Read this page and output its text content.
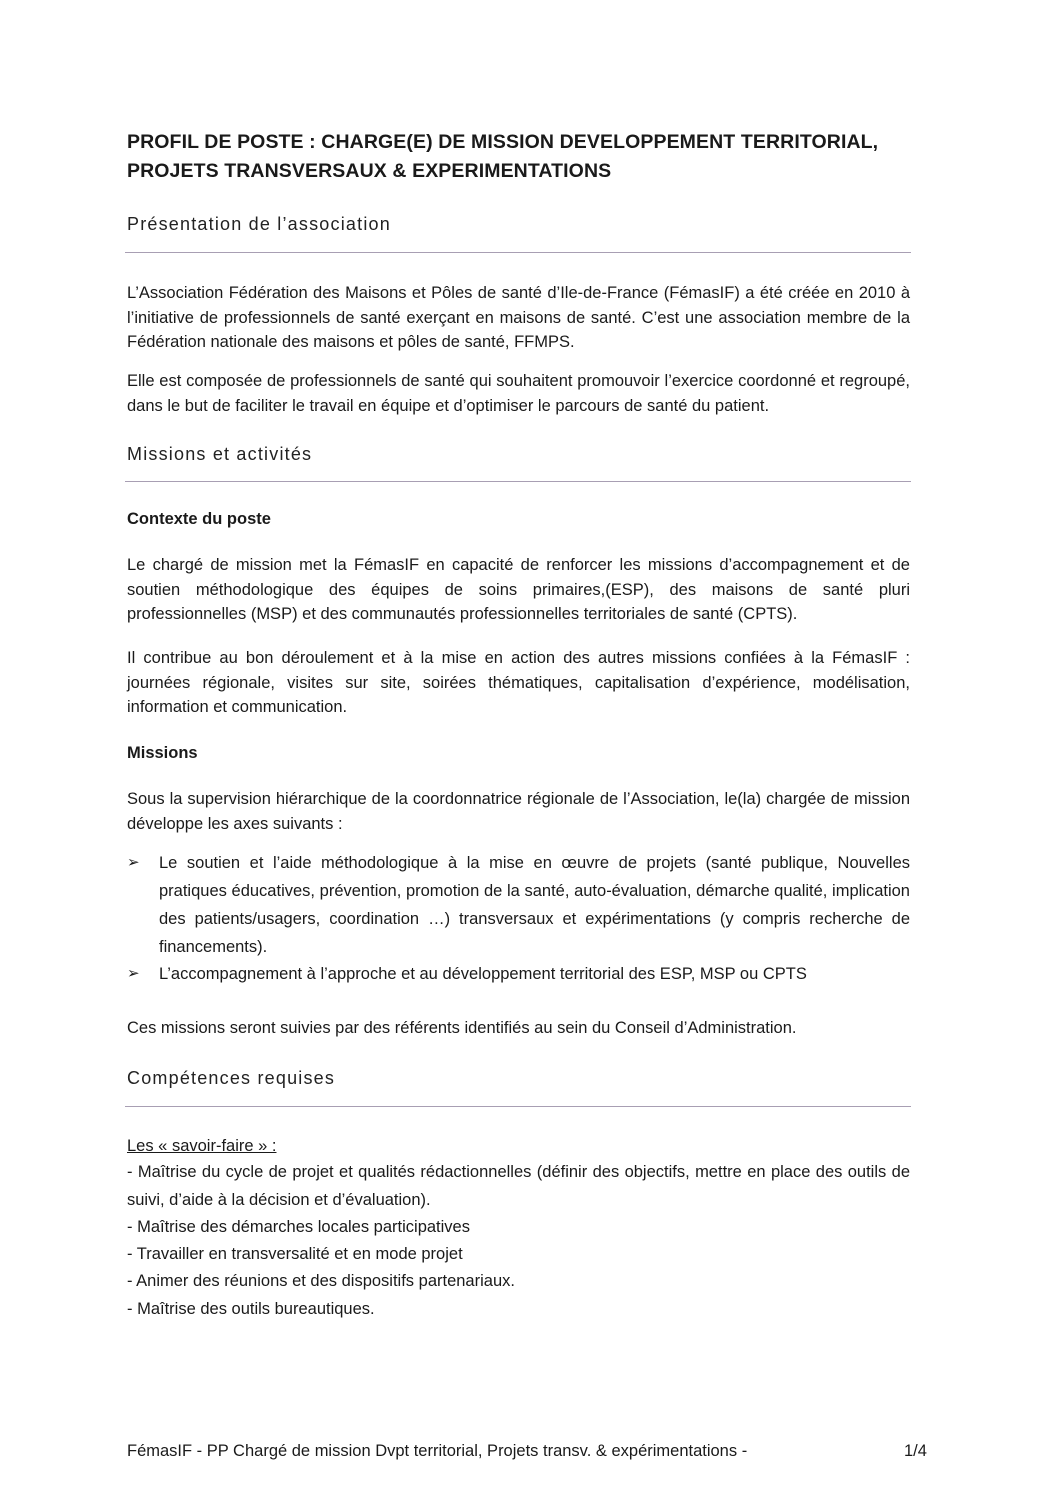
PROFIL DE POSTE : CHARGE(E) DE MISSION DEVELOPPEMENT TERRITORIAL, PROJETS TRANSVERSAUX & EXPERIMENTATIONS
Présentation de l’association
L’Association Fédération des Maisons et Pôles de santé d’Ile-de-France (FémasIF) a été créée en 2010 à l’initiative de professionnels de santé exerçant en maisons de santé. C’est une association membre de la Fédération nationale des maisons et pôles de santé, FFMPS.
Elle est composée de professionnels de santé qui souhaitent promouvoir l’exercice coordonné et regroupé, dans le but de faciliter le travail en équipe et d’optimiser le parcours de santé du patient.
Missions et activités
Contexte du poste
Le chargé de mission met la FémasIF en capacité de renforcer les missions d’accompagnement et de soutien méthodologique des équipes de soins primaires,(ESP), des maisons de santé pluri professionnelles (MSP) et des communautés professionnelles territoriales de santé (CPTS).
Il contribue au bon déroulement et à la mise en action des autres missions confiées à la FémasIF : journées régionale, visites sur site, soirées thématiques, capitalisation d’expérience, modélisation, information et communication.
Missions
Sous la supervision hiérarchique de la coordonnatrice régionale de l’Association, le(la) chargée de mission développe les axes suivants :
➢ Le soutien et l’aide méthodologique à la mise en œuvre de projets (santé publique, Nouvelles pratiques éducatives, prévention, promotion de la santé, auto-évaluation, démarche qualité, implication des patients/usagers, coordination …) transversaux et expérimentations (y compris recherche de financements).
➢ L’accompagnement à l’approche et au développement territorial des ESP, MSP ou CPTS
Ces missions seront suivies par des référents identifiés au sein du Conseil d’Administration.
Compétences requises
Les « savoir-faire » :
- Maîtrise du cycle de projet et qualités rédactionnelles (définir des objectifs, mettre en place des outils de suivi, d’aide à la décision et d’évaluation).
- Maîtrise des démarches locales participatives
- Travailler en transversalité et en mode projet
- Animer des réunions et des dispositifs partenariaux.
- Maîtrise des outils bureautiques.
FémasIF - PP Chargé de mission Dvpt territorial, Projets transv. & expérimentations -	1/4
